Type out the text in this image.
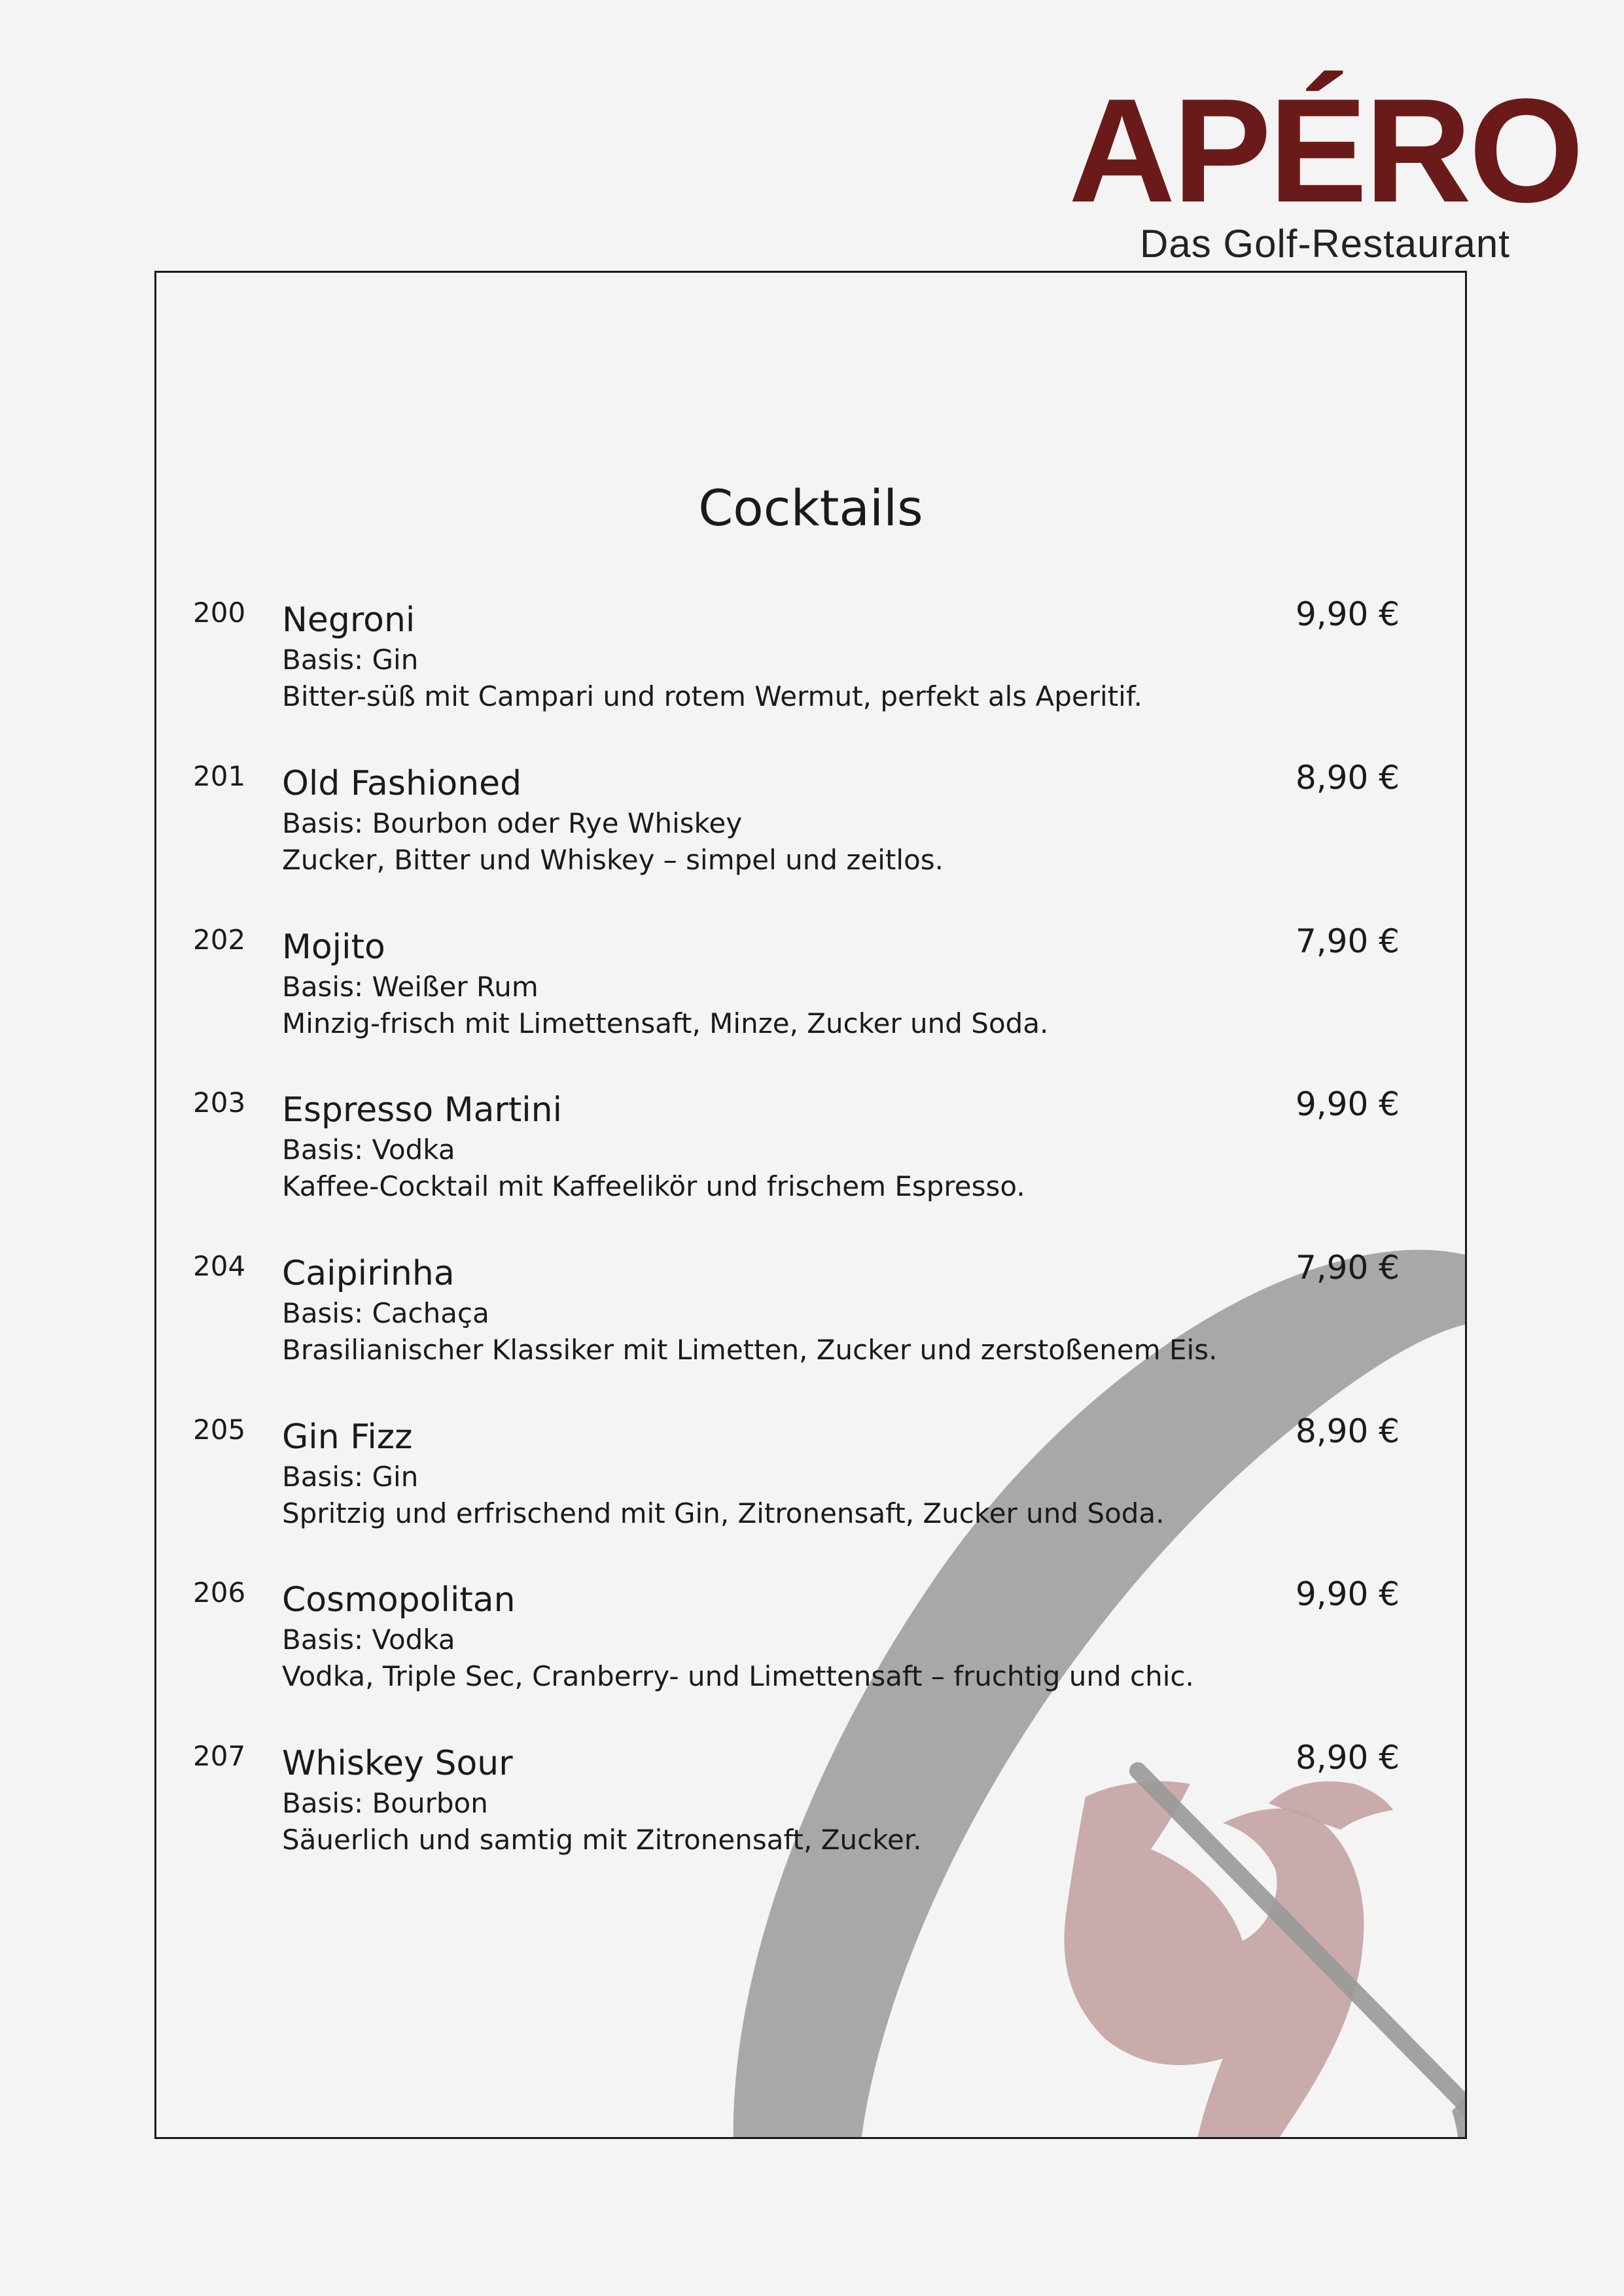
APÉRO
Das Golf-Restaurant
Cocktails
200 Negroni
Basis: Gin
Bitter-süß mit Campari und rotem Wermut, perfekt als Aperitif.
9,90 €
201 Old Fashioned
Basis: Bourbon oder Rye Whiskey
Zucker, Bitter und Whiskey – simpel und zeitlos.
8,90 €
202 Mojito
Basis: Weißer Rum
Minzig-frisch mit Limettensaft, Minze, Zucker und Soda.
7,90 €
203 Espresso Martini
Basis: Vodka
Kaffee-Cocktail mit Kaffeelikör und frischem Espresso.
9,90 €
204 Caipirinha
Basis: Cachaça
Brasilianischer Klassiker mit Limetten, Zucker und zerstoßenem Eis.
7,90 €
205 Gin Fizz
Basis: Gin
Spritzig und erfrischend mit Gin, Zitronensaft, Zucker und Soda.
8,90 €
206 Cosmopolitan
Basis: Vodka
Vodka, Triple Sec, Cranberry- und Limettensaft – fruchtig und chic.
9,90 €
207 Whiskey Sour
Basis: Bourbon
Säuerlich und samtig mit Zitronensaft, Zucker.
8,90 €
